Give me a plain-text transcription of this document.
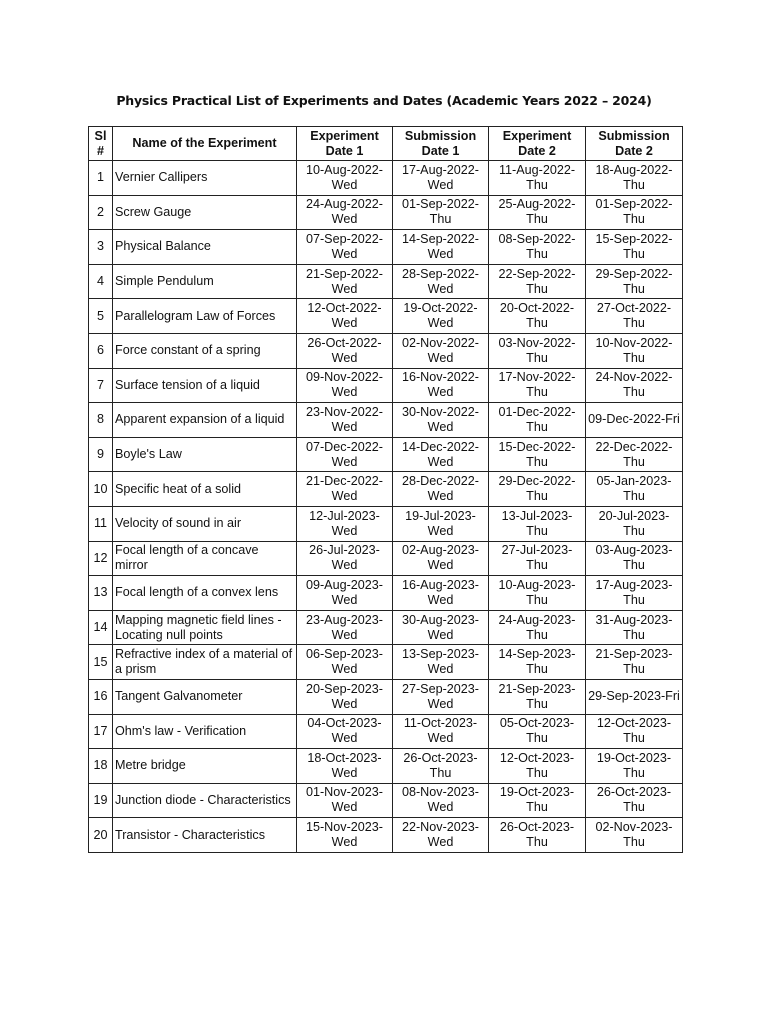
Physics Practical List of Experiments and Dates (Academic Years 2022 – 2024)
Sl #	Name of the Experiment	Experiment Date 1	Submission Date 1	Experiment Date 2	Submission Date 2
1	Vernier Callipers	10-Aug-2022-Wed	17-Aug-2022-Wed	11-Aug-2022-Thu	18-Aug-2022-Thu
2	Screw Gauge	24-Aug-2022-Wed	01-Sep-2022-Thu	25-Aug-2022-Thu	01-Sep-2022-Thu
3	Physical Balance	07-Sep-2022-Wed	14-Sep-2022-Wed	08-Sep-2022-Thu	15-Sep-2022-Thu
4	Simple Pendulum	21-Sep-2022-Wed	28-Sep-2022-Wed	22-Sep-2022-Thu	29-Sep-2022-Thu
5	Parallelogram Law of Forces	12-Oct-2022-Wed	19-Oct-2022-Wed	20-Oct-2022-Thu	27-Oct-2022-Thu
6	Force constant of a spring	26-Oct-2022-Wed	02-Nov-2022-Wed	03-Nov-2022-Thu	10-Nov-2022-Thu
7	Surface tension of a liquid	09-Nov-2022-Wed	16-Nov-2022-Wed	17-Nov-2022-Thu	24-Nov-2022-Thu
8	Apparent expansion of a liquid	23-Nov-2022-Wed	30-Nov-2022-Wed	01-Dec-2022-Thu	09-Dec-2022-Fri
9	Boyle's Law	07-Dec-2022-Wed	14-Dec-2022-Wed	15-Dec-2022-Thu	22-Dec-2022-Thu
10	Specific heat of a solid	21-Dec-2022-Wed	28-Dec-2022-Wed	29-Dec-2022-Thu	05-Jan-2023-Thu
11	Velocity of sound in air	12-Jul-2023-Wed	19-Jul-2023-Wed	13-Jul-2023-Thu	20-Jul-2023-Thu
12	Focal length of a concave mirror	26-Jul-2023-Wed	02-Aug-2023-Wed	27-Jul-2023-Thu	03-Aug-2023-Thu
13	Focal length of a convex lens	09-Aug-2023-Wed	16-Aug-2023-Wed	10-Aug-2023-Thu	17-Aug-2023-Thu
14	Mapping magnetic field lines - Locating null points	23-Aug-2023-Wed	30-Aug-2023-Wed	24-Aug-2023-Thu	31-Aug-2023-Thu
15	Refractive index of a material of a prism	06-Sep-2023-Wed	13-Sep-2023-Wed	14-Sep-2023-Thu	21-Sep-2023-Thu
16	Tangent Galvanometer	20-Sep-2023-Wed	27-Sep-2023-Wed	21-Sep-2023-Thu	29-Sep-2023-Fri
17	Ohm's law - Verification	04-Oct-2023-Wed	11-Oct-2023-Wed	05-Oct-2023-Thu	12-Oct-2023-Thu
18	Metre bridge	18-Oct-2023-Wed	26-Oct-2023-Thu	12-Oct-2023-Thu	19-Oct-2023-Thu
19	Junction diode - Characteristics	01-Nov-2023-Wed	08-Nov-2023-Wed	19-Oct-2023-Thu	26-Oct-2023-Thu
20	Transistor - Characteristics	15-Nov-2023-Wed	22-Nov-2023-Wed	26-Oct-2023-Thu	02-Nov-2023-Thu
